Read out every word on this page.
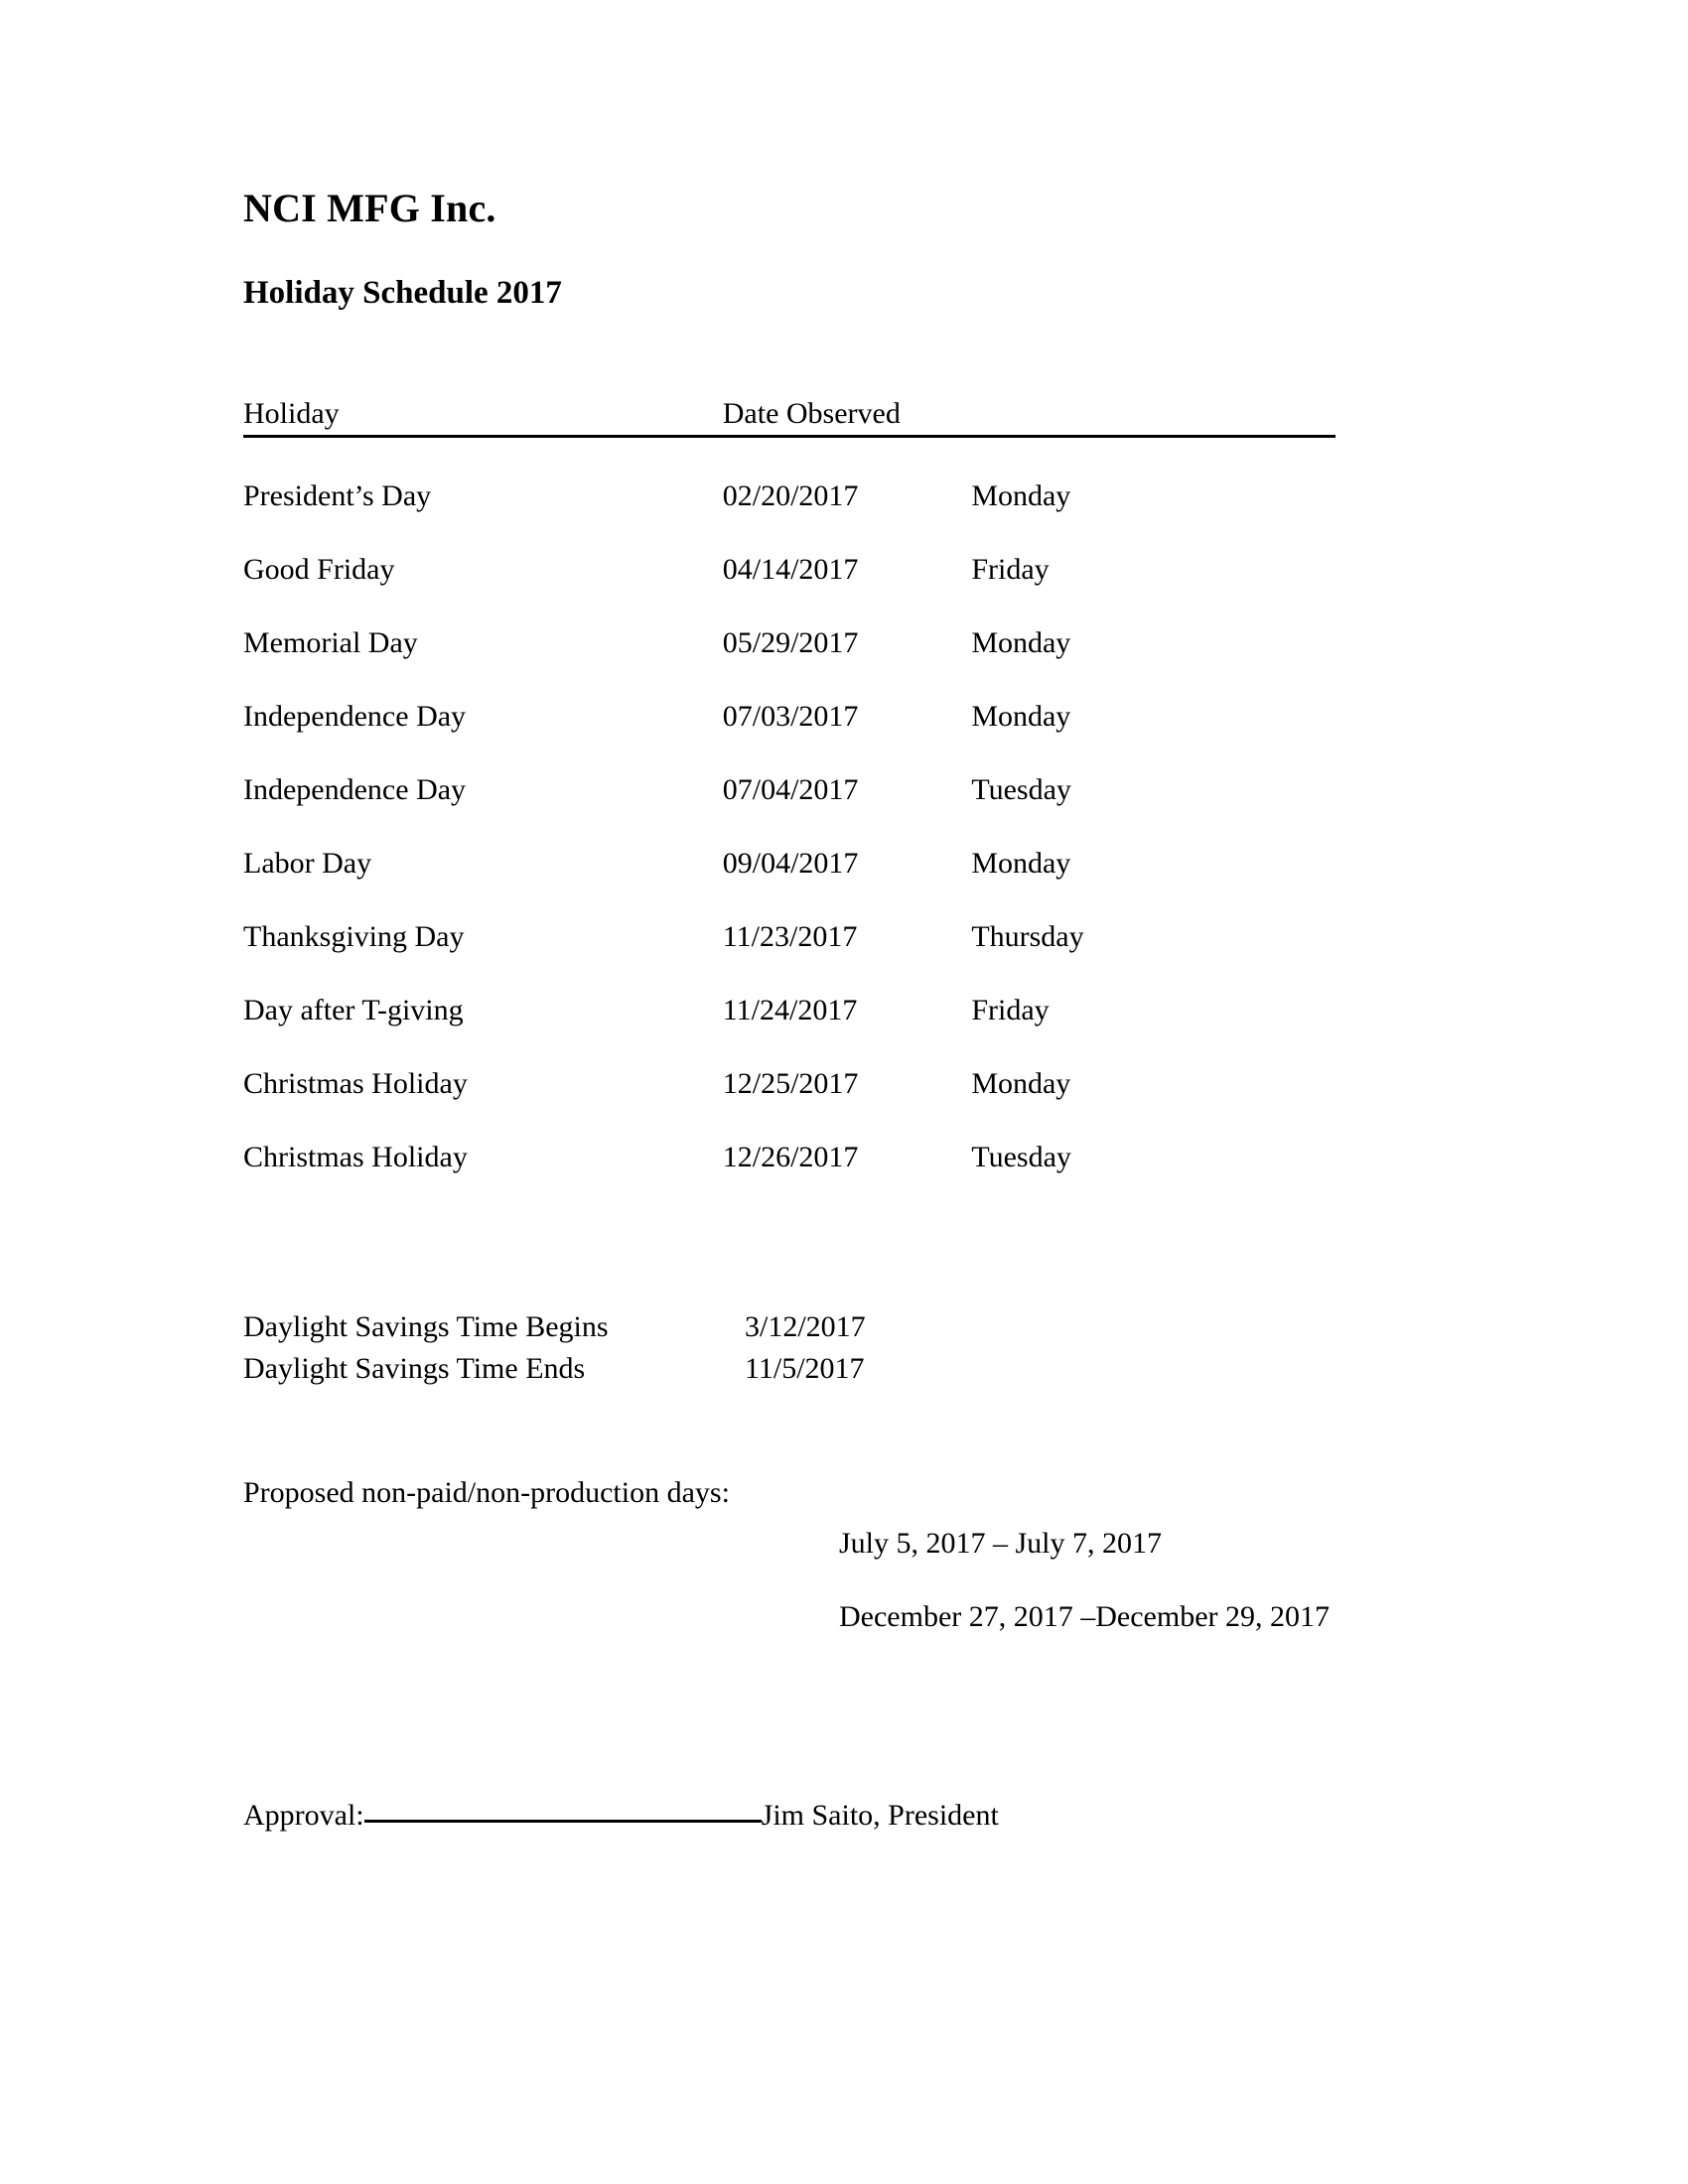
NCI MFG Inc.
Holiday Schedule 2017
Holiday	Date Observed	
President’s Day	02/20/2017	Monday
Good Friday	04/14/2017	Friday
Memorial Day	05/29/2017	Monday
Independence Day	07/03/2017	Monday
Independence Day	07/04/2017	Tuesday
Labor Day	09/04/2017	Monday
Thanksgiving Day	11/23/2017	Thursday
Day after T-giving	11/24/2017	Friday
Christmas Holiday	12/25/2017	Monday
Christmas Holiday	12/26/2017	Tuesday
Daylight Savings Time Begins	3/12/2017
Daylight Savings Time Ends	11/5/2017
Proposed non-paid/non-production days:
July 5, 2017 – July 7, 2017
December 27, 2017 –December 29, 2017
Approval:	Jim Saito, President
